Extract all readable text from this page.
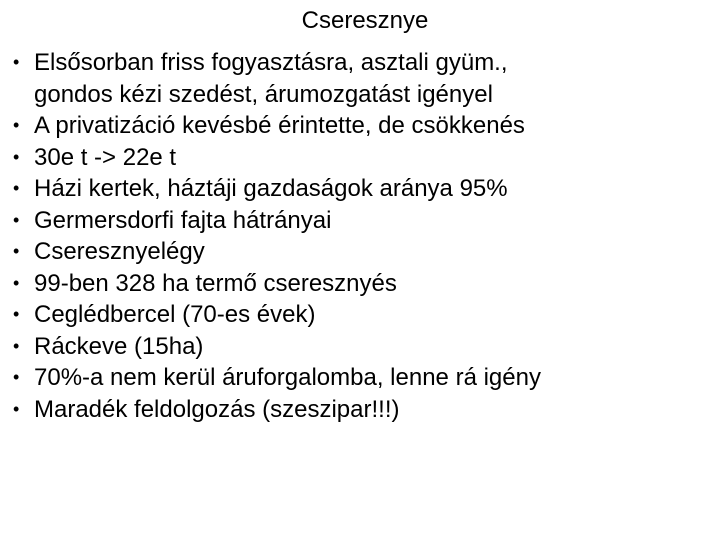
Cseresznye
• Elsősorban friss fogyasztásra, asztali gyüm.,
gondos kézi szedést, árumozgatást igényel
• A privatizáció kevésbé érintette, de csökkenés
• 30e t -> 22e t
• Házi kertek, háztáji gazdaságok aránya 95%
• Germersdorfi fajta hátrányai
• Cseresznyelégy
• 99-ben 328 ha termő cseresznyés
• Ceglédbercel (70-es évek)
• Ráckeve (15ha)
• 70%-a nem kerül áruforgalomba, lenne rá igény
• Maradék feldolgozás (szeszipar!!!)
